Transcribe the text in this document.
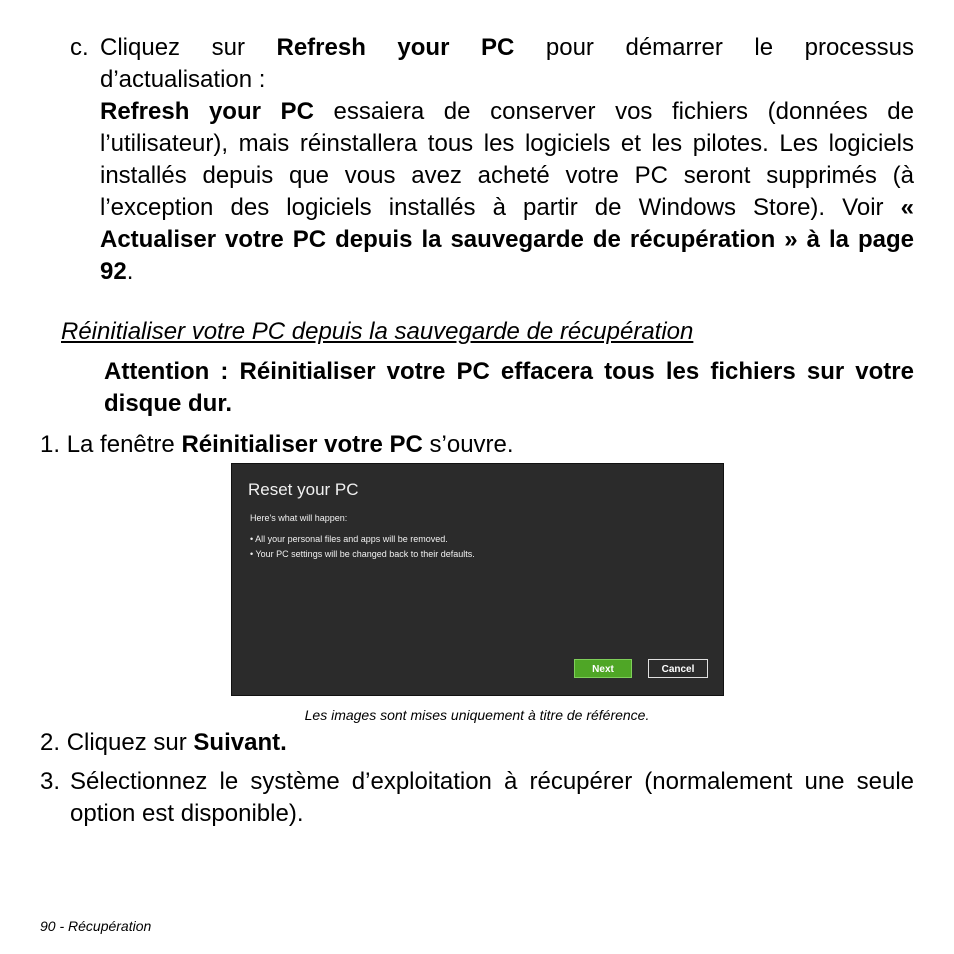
c. Cliquez sur Refresh your PC pour démarrer le processus
d’actualisation :
Refresh your PC essaiera de conserver vos fichiers (données de l’utilisateur), mais réinstallera tous les logiciels et les pilotes. Les logiciels installés depuis que vous avez acheté votre PC seront supprimés (à l’exception des logiciels installés à partir de Windows Store). Voir « Actualiser votre PC depuis la sauvegarde de récupération » à la page 92.
Réinitialiser votre PC depuis la sauvegarde de récupération
Attention : Réinitialiser votre PC effacera tous les fichiers sur votre disque dur.
1. La fenêtre Réinitialiser votre PC s’ouvre.
Reset your PC
Here's what will happen:
• All your personal files and apps will be removed.
• Your PC settings will be changed back to their defaults.
Next	Cancel
Les images sont mises uniquement à titre de référence.
2. Cliquez sur Suivant.
3. Sélectionnez le système d’exploitation à récupérer (normalement une seule option est disponible).
90 - Récupération
